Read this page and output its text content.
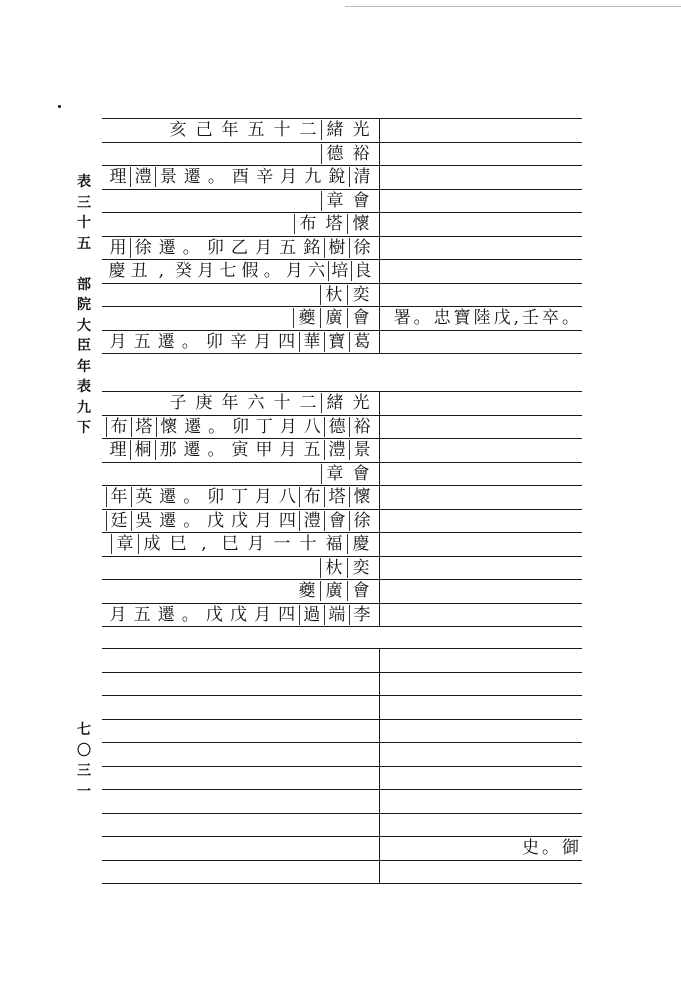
表
三
十
五
部
院
大
臣
年
表
九
下
七
〇
三
一
亥 己 年 五 十 二 緒 光
德 裕
理 澧 景 遷 。 酉 辛 月 九 銳 清
章 會
布 塔 懷
用 徐 遷 。 卯 乙 月 五 銘 樹 徐
慶 丑 , 癸 月 七 假 。 月 六 培 良
杕 奕
夔 廣 會	署。忠寶陸戊,壬卒。
月 五 遷 。 卯 辛 月 四 華 寶 葛
子 庚 年 六 十 二 緒 光
布 塔 懷 遷 。 卯 丁 月 八 德 裕
理 桐 那 遷 。 寅 甲 月 五 澧 景
章 會
年 英 遷 。 卯 丁 月 八 布 塔 懷
廷 吳 遷 。 戊 戊 月 四 澧 會 徐
章 成 巳 , 巳 月 一 十 福 慶
杕 奕
夔 廣 會
月 五 遷 。 戊 戊 月 四 過 端 李
史。御
